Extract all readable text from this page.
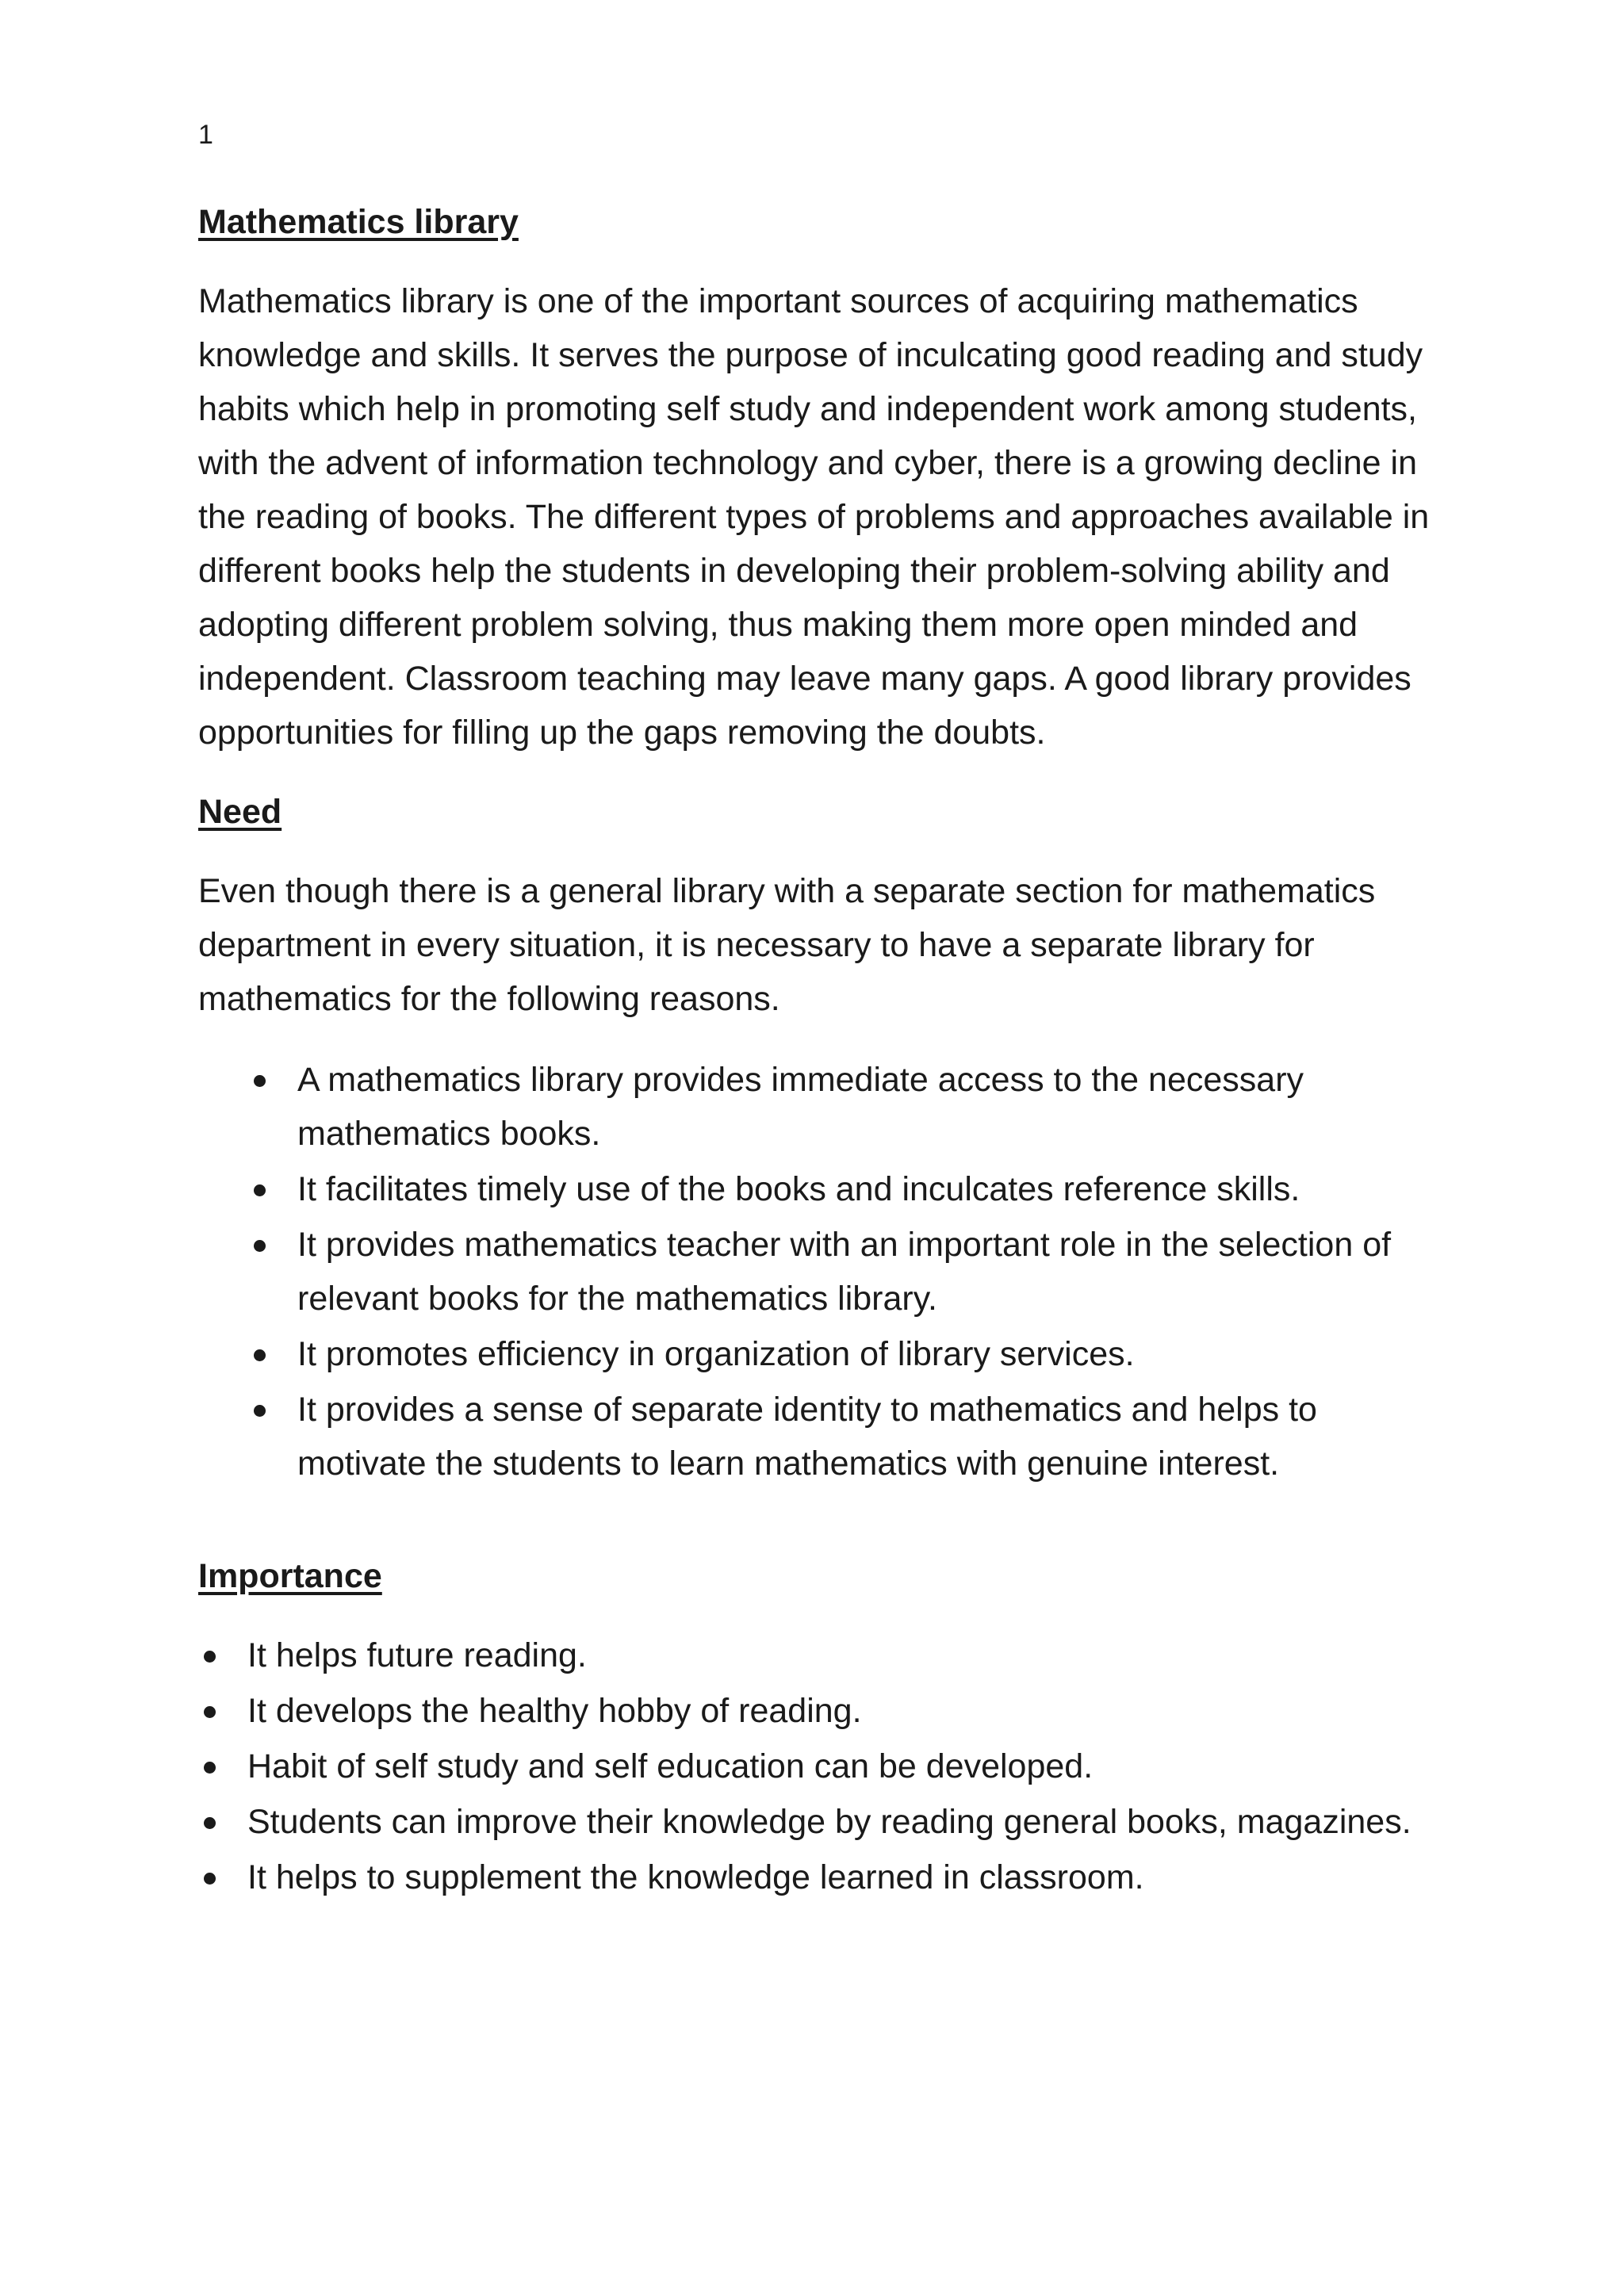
1
Mathematics library

Mathematics library is one of the important sources of acquiring mathematics knowledge and skills. It serves the purpose of inculcating good reading and study habits which help in promoting self study and independent work among students, with the advent of information technology and cyber, there is a growing decline in the reading of books. The different types of problems and approaches available in different books help the students in developing their problem-solving ability and adopting different problem solving, thus making them more open minded and independent. Classroom teaching may leave many gaps. A good library provides opportunities for filling up the gaps removing the doubts.

Need

Even though there is a general library with a separate section for mathematics department in every situation, it is necessary to have a separate library for mathematics for the following reasons.

A mathematics library provides immediate access to the necessary mathematics books.
It facilitates timely use of the books and inculcates reference skills.
It provides mathematics teacher with an important role in the selection of relevant books for the mathematics library.
It promotes efficiency in organization of library services.
It provides a sense of separate identity to mathematics and helps to motivate the students to learn mathematics with genuine interest.
Importance
It helps future reading.
It develops the healthy hobby of reading.
Habit of self study and self education can be developed.
Students can improve their knowledge by reading general books, magazines.
It helps to supplement the knowledge learned in classroom.
